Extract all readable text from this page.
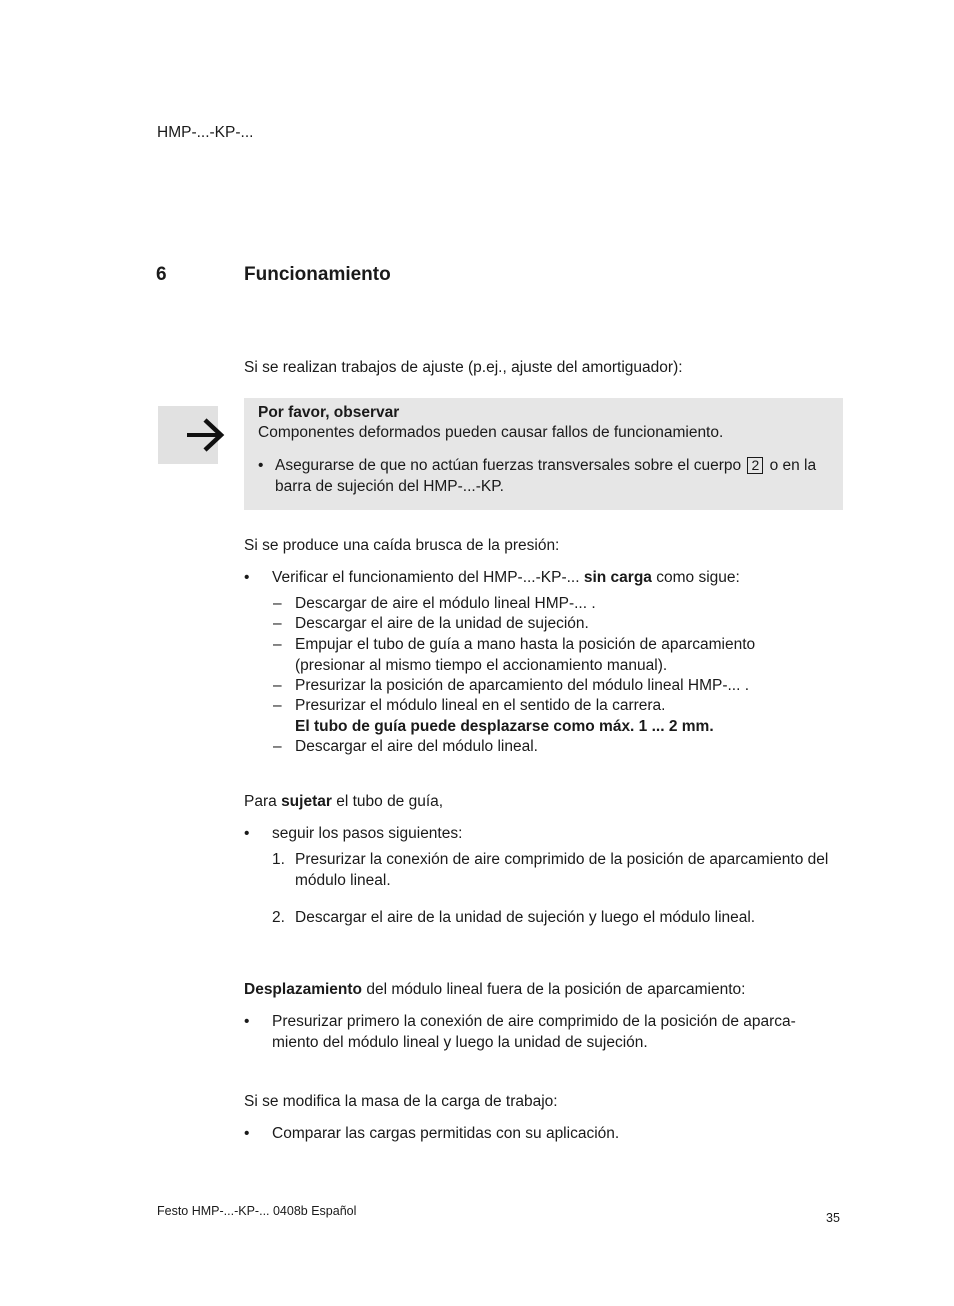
HMP-...-KP-...
6	Funcionamiento
Si se realizan trabajos de ajuste (p.ej., ajuste del amortiguador):
Por favor, observar
Componentes deformados pueden causar fallos de funcionamiento.
• Asegurarse de que no actúan fuerzas transversales sobre el cuerpo 2 o en la barra de sujeción del HMP-...-KP.
Si se produce una caída brusca de la presión:
• Verificar el funcionamiento del HMP-...-KP-... sin carga como sigue:
– Descargar de aire el módulo lineal HMP-... .
– Descargar el aire de la unidad de sujeción.
– Empujar el tubo de guía a mano hasta la posición de aparcamiento (presionar al mismo tiempo el accionamiento manual).
– Presurizar la posición de aparcamiento del módulo lineal HMP-... .
– Presurizar el módulo lineal en el sentido de la carrera.
El tubo de guía puede desplazarse como máx. 1 ... 2 mm.
– Descargar el aire del módulo lineal.
Para sujetar el tubo de guía,
• seguir los pasos siguientes:
1. Presurizar la conexión de aire comprimido de la posición de aparcamiento del módulo lineal.
2. Descargar el aire de la unidad de sujeción y luego el módulo lineal.
Desplazamiento del módulo lineal fuera de la posición de aparcamiento:
• Presurizar primero la conexión de aire comprimido de la posición de aparca-miento del módulo lineal y luego la unidad de sujeción.
Si se modifica la masa de la carga de trabajo:
• Comparar las cargas permitidas con su aplicación.
Festo HMP-...-KP-... 0408b Español	35
